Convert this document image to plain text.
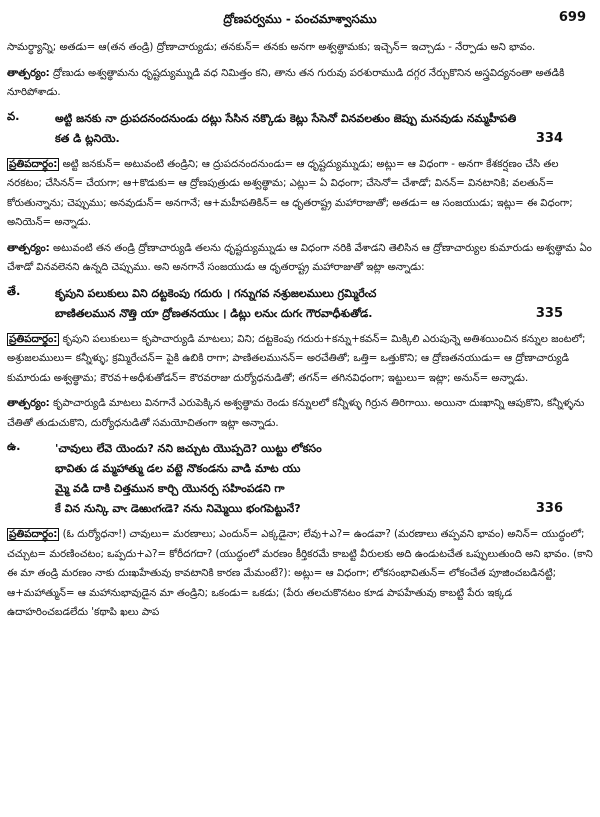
ద్రోణపర్వము - పంచమాశ్వాసము	699

సామర్థ్యాన్ని; అతడు= ఆ(తన తండ్రి) ద్రోణాచార్యుడు; తనకున్= తనకు అనగా అశ్వత్థామకు; ఇచ్చెన్= ఇచ్చాడు - నేర్పాడు అని భావం.

తాత్పర్యం: ద్రోణుడు అశ్వత్థామను ధృష్టద్యుమ్నుడి వధ నిమిత్తం కని, తాను తన గురువు పరశురాముడి దగ్గర నేర్చుకొనిన అస్త్రవిద్యనంతా అతడికి నూరిపోశాడు.

వ.	అట్టి జనకు నా ద్రుపదనందనుండు దట్లు సేసిన నక్కొడు కెట్లు సేసెనో వినవలతుం జెప్పు మనవుడు నమ్మహీపతి
కత డి ట్లనియె.	334

ప్రతిపదార్థం: అట్టి జనకున్= అటువంటి తండ్రిని; ఆ ద్రుపదనందనుండు= ఆ ధృష్టద్యుమ్నుడు; అట్లు= ఆ విధంగా - అనగా కేశకర్షణం చేసి తల నరకటం; చేసినన్= చేయగా; ఆ+కొడుకు= ఆ ద్రోణపుత్రుడు అశ్వత్థామ; ఎట్లు= ఏ విధంగా; చేసెనో= చేశాడో; వినన్= వినటానికి; వలతున్= కోరుతున్నాను; చెప్పుము; అనవుడున్= అనగానే; ఆ+మహీపతికిన్= ఆ ధృతరాష్ట్ర మహారాజుతో; అతడు= ఆ సంజయుడు; ఇట్లు= ఈ విధంగా; అనియెన్= అన్నాడు.

తాత్పర్యం: అటువంటి తన తండ్రి ద్రోణాచార్యుడి తలను ధృష్టద్యుమ్నుడు ఆ విధంగా నరికి వేశాడని తెలిసిన ఆ ద్రోణాచార్యుల కుమారుడు అశ్వత్థామ ఏం చేశాడో వినవలెనని ఉన్నది చెప్పుము. అని అనగానే సంజయుడు ఆ ధృతరాష్ట్ర మహారాజుతో ఇట్లా అన్నాడు:

తే.	కృపుని పలుకులు విని దట్టకెంపు గదురు । గన్నుగవ నశ్రుజలములు గ్రమ్మిరేఁచ
బాణితలమున నొత్తి యా ద్రోణతనయుఁ । డిట్లు లనుఁ దుగఁ గౌరవాధీశుతోడ.	335

ప్రతిపదార్థం: కృపుని పలుకులు= కృపాచార్యుడి మాటలు; విని; దట్టకెంపు గదురు+కన్ను+కవన్= మిక్కిలి ఎరుపున్నె అతిశయించిన కన్నుల జంటలో; అశ్రుజలములు= కన్నీళ్ళు; క్రమ్మిరేఁచన్= పైకి ఉబికి రాగా; పాణితలమునన్= అరచేతితో; ఒత్తి= ఒత్తుకొని; ఆ ద్రోణతనయుడు= ఆ ద్రోణాచార్యుడి కుమారుడు అశ్వత్థామ; కౌరవ+అధీశుతోడన్= కౌరవరాజు దుర్యోధనుడితో; తగన్= తగినవిధంగా; ఇట్టులు= ఇట్లా; అనున్= అన్నాడు.

తాత్పర్యం: కృపాచార్యుడి మాటలు వినగానే ఎరుపెక్కిన అశ్వత్థామ రెండు కన్నులలో కన్నీళ్ళు గిర్రున తిరిగాయి. అయినా దుఃఖాన్ని ఆపుకొని, కన్నీళ్ళను చేతితో తుడుచుకొని, దుర్యోధనుడితో సమయోచితంగా ఇట్లా అన్నాడు.

ఉ.	'చావులు లేవె యెందు? నని జచ్చుట యొప్పదె? యిట్టు లోకసం
భావితు డ మ్మహాత్ము డల వట్టె నొకండను వాడి మాట యు
మ్మై వడి దాకి చిత్తమున కార్చి యొనర్ప సహింపడని గా
కే విన నున్కి వాఁ డెఱుఁగఁడె? నను నిమ్మెయి భంగపెట్టునే?	336

ప్రతిపదార్థం: (ఓ దుర్యోధనా!) చావులు= మరణాలు; ఎందున్= ఎక్కడైనా; లేవు+ఎ?= ఉండవా? (మరణాలు తప్పవని భావం) అనిన్= యుద్ధంలో; చచ్చుట= మరణించటం; ఒప్పదు+ఎ?= కోరీదగదా? (యుద్ధంలో మరణం కీర్తికరమే కాబట్టి వీరులకు అది ఉండుటచేత ఒప్పులుతుంది అని భావం. (కాని ఈ మా తండ్రి మరణం నాకు దుఃఖహేతువు కావటానికి కారణ మేమంటే?): అట్లు= ఆ విధంగా; లోకసంభావితున్= లోకంచేత పూజించబడినట్టి; ఆ+మహాత్మున్= ఆ మహానుభావుడైన మా తండ్రిని; ఒకండు= ఒకడు; (పేరు తలచుకొనటం కూడ పాపహేతువు కాబట్టి పేరు ఇక్కడ ఉదాహరించబడలేదు 'కథాపి ఖలు పాప
